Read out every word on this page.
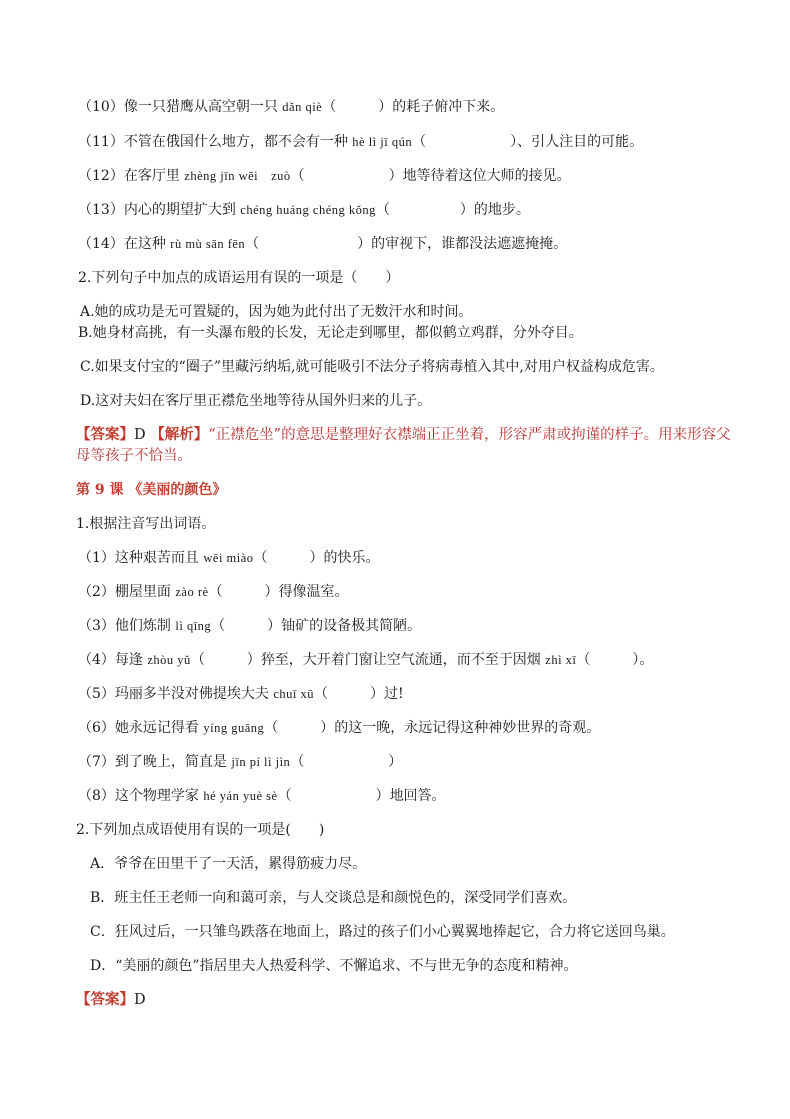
（10）像一只猎鹰从高空朝一只 dǎn qiè（　　　）的耗子俯冲下来。
（11）不管在俄国什么地方，都不会有一种 hè lì jī qún（　　　　　　）、引人注目的可能。
（12）在客厅里 zhèng jīn wēi　zuò（　　　　　　）地等待着这位大师的接见。
（13）内心的期望扩大到 chéng huáng chéng kǒng（　　　　　）的地步。
（14）在这种 rù mù sān fēn（　　　　　　　）的审视下，谁都没法遮遮掩掩。
2.下列句子中加点的成语运用有误的一项是（　　）
A.她的成功是无可置疑的，因为她为此付出了无数汗水和时间。
B.她身材高挑，有一头瀑布般的长发，无论走到哪里，都似鹤立鸡群，分外夺目。
C.如果支付宝的“圈子”里藏污纳垢,就可能吸引不法分子将病毒植入其中,对用户权益构成危害。
D.这对夫妇在客厅里正襟危坐地等待从国外归来的儿子。
【答案】D 【解析】“正襟危坐”的意思是整理好衣襟端正正坐着，形容严肃或拘谨的样子。用来形容父
母等孩子不恰当。
第 9 课 《美丽的颜色》
1.根据注音写出词语。
（1）这种艰苦而且 wēi miào（　　　）的快乐。
（2）棚屋里面 zào rè（　　　）得像温室。
（3）他们炼制 lì qīng（　　　）铀矿的设备极其简陋。
（4）每逢 zhòu yǔ（　　　）猝至，大开着门窗让空气流通，而不至于因烟 zhì xī（　　　）。
（5）玛丽多半没对佛提埃大夫 chuī xū（　　　）过!
（6）她永远记得看 yíng guāng（　　　）的这一晚，永远记得这种神妙世界的奇观。
（7）到了晚上，简直是 jīn pí lì jìn（　　　　　　）
（8）这个物理学家 hé yán yuè sè（　　　　　　）地回答。
2.下列加点成语使用有误的一项是(　　)
A．爷爷在田里干了一天活，累得筋疲力尽。
B．班主任王老师一向和蔼可亲，与人交谈总是和颜悦色的，深受同学们喜欢。
C．狂风过后，一只雏鸟跌落在地面上，路过的孩子们小心翼翼地捧起它，合力将它送回鸟巢。
D．“美丽的颜色”指居里夫人热爱科学、不懈追求、不与世无争的态度和精神。
【答案】D
